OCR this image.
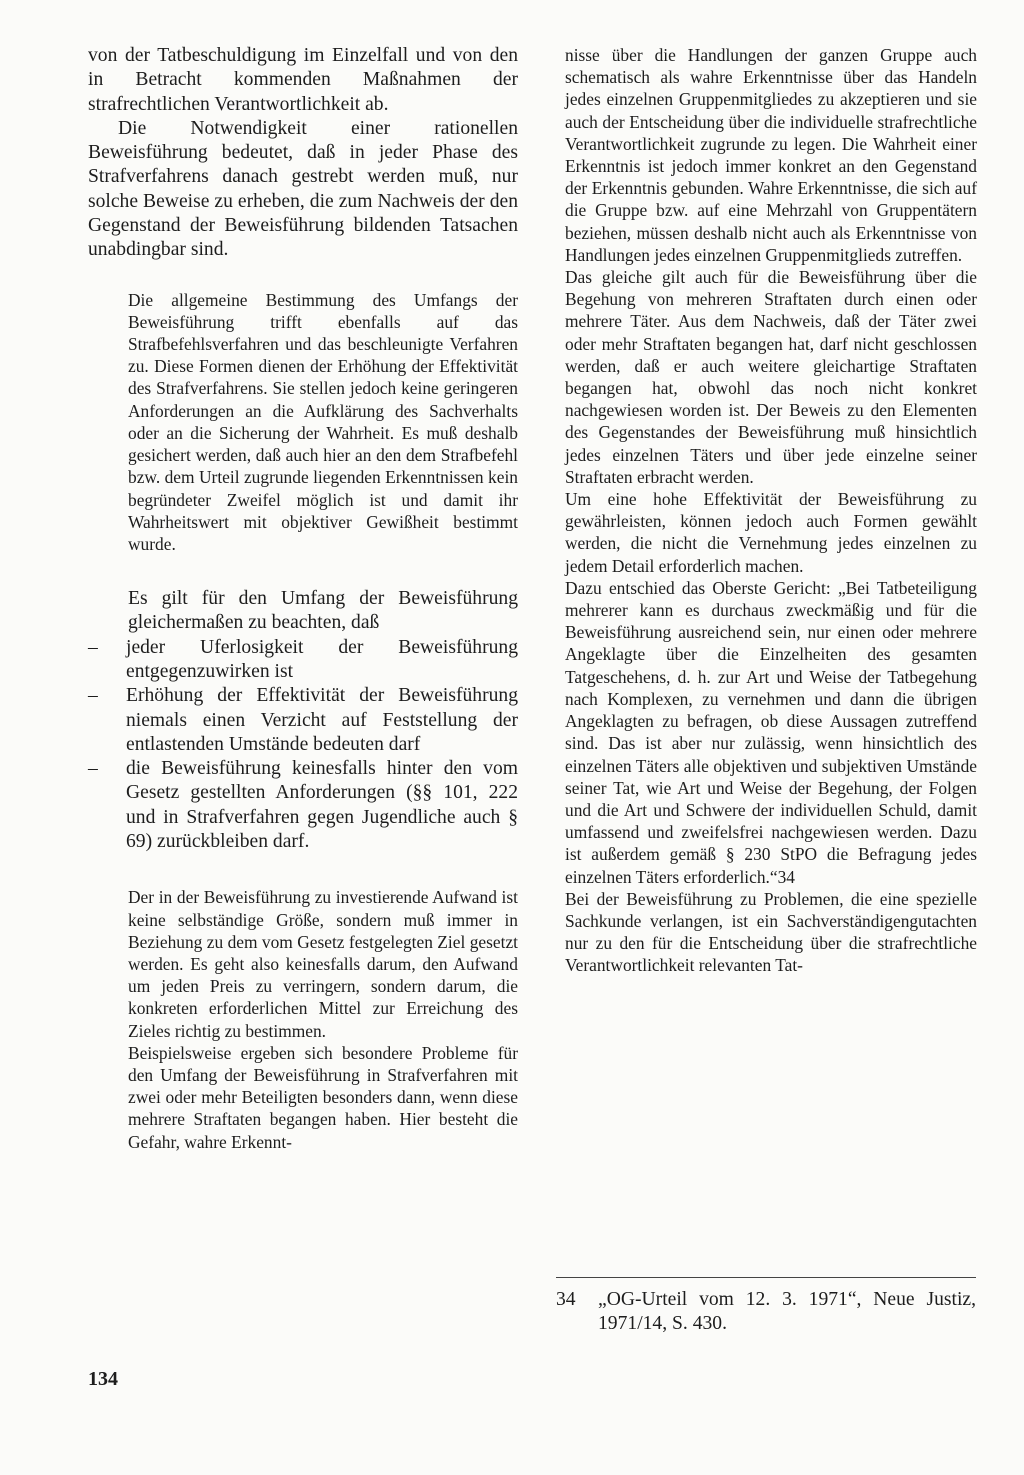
von der Tatbeschuldigung im Einzelfall und von den in Betracht kommenden Maßnahmen der strafrechtlichen Verantwortlichkeit ab.

Die Notwendigkeit einer rationellen Beweisführung bedeutet, daß in jeder Phase des Strafverfahrens danach gestrebt werden muß, nur solche Beweise zu erheben, die zum Nachweis der den Gegenstand der Beweisführung bildenden Tatsachen unabdingbar sind.

Die allgemeine Bestimmung des Umfangs der Beweisführung trifft ebenfalls auf das Strafbefehlsverfahren und das beschleunigte Verfahren zu. Diese Formen dienen der Erhöhung der Effektivität des Strafverfahrens. Sie stellen jedoch keine geringeren Anforderungen an die Aufklärung des Sachverhalts oder an die Sicherung der Wahrheit. Es muß deshalb gesichert werden, daß auch hier an den dem Strafbefehl bzw. dem Urteil zugrunde liegenden Erkenntnissen kein begründeter Zweifel möglich ist und damit ihr Wahrheitswert mit objektiver Gewißheit bestimmt wurde.

Es gilt für den Umfang der Beweisführung gleichermaßen zu beachten, daß

– jeder Uferlosigkeit der Beweisführung entgegenzuwirken ist
– Erhöhung der Effektivität der Beweisführung niemals einen Verzicht auf Feststellung der entlastenden Umstände bedeuten darf
– die Beweisführung keinesfalls hinter den vom Gesetz gestellten Anforderungen (§§ 101, 222 und in Strafverfahren gegen Jugendliche auch § 69) zurückbleiben darf.

Der in der Beweisführung zu investierende Aufwand ist keine selbständige Größe, sondern muß immer in Beziehung zu dem vom Gesetz festgelegten Ziel gesetzt werden. Es geht also keinesfalls darum, den Aufwand um jeden Preis zu verringern, sondern darum, die konkreten erforderlichen Mittel zur Erreichung des Zieles richtig zu bestimmen.

Beispielsweise ergeben sich besondere Probleme für den Umfang der Beweisführung in Strafverfahren mit zwei oder mehr Beteiligten besonders dann, wenn diese mehrere Straftaten begangen haben. Hier besteht die Gefahr, wahre Erkennt-

nisse über die Handlungen der ganzen Gruppe auch schematisch als wahre Erkenntnisse über das Handeln jedes einzelnen Gruppenmitgliedes zu akzeptieren und sie auch der Entscheidung über die individuelle strafrechtliche Verantwortlichkeit zugrunde zu legen. Die Wahrheit einer Erkenntnis ist jedoch immer konkret an den Gegenstand der Erkenntnis gebunden. Wahre Erkenntnisse, die sich auf die Gruppe bzw. auf eine Mehrzahl von Gruppentätern beziehen, müssen deshalb nicht auch als Erkenntnisse von Handlungen jedes einzelnen Gruppenmitglieds zutreffen.

Das gleiche gilt auch für die Beweisführung über die Begehung von mehreren Straftaten durch einen oder mehrere Täter. Aus dem Nachweis, daß der Täter zwei oder mehr Straftaten begangen hat, darf nicht geschlossen werden, daß er auch weitere gleichartige Straftaten begangen hat, obwohl das noch nicht konkret nachgewiesen worden ist. Der Beweis zu den Elementen des Gegenstandes der Beweisführung muß hinsichtlich jedes einzelnen Täters und über jede einzelne seiner Straftaten erbracht werden.

Um eine hohe Effektivität der Beweisführung zu gewährleisten, können jedoch auch Formen gewählt werden, die nicht die Vernehmung jedes einzelnen zu jedem Detail erforderlich machen.

Dazu entschied das Oberste Gericht: „Bei Tatbeteiligung mehrerer kann es durchaus zweckmäßig und für die Beweisführung ausreichend sein, nur einen oder mehrere Angeklagte über die Einzelheiten des gesamten Tatgeschehens, d. h. zur Art und Weise der Tatbegehung nach Komplexen, zu vernehmen und dann die übrigen Angeklagten zu befragen, ob diese Aussagen zutreffend sind. Das ist aber nur zulässig, wenn hinsichtlich des einzelnen Täters alle objektiven und subjektiven Umstände seiner Tat, wie Art und Weise der Begehung, der Folgen und die Art und Schwere der individuellen Schuld, damit umfassend und zweifelsfrei nachgewiesen werden. Dazu ist außerdem gemäß § 230 StPO die Befragung jedes einzelnen Täters erforderlich.“34

Bei der Beweisführung zu Problemen, die eine spezielle Sachkunde verlangen, ist ein Sachverständigengutachten nur zu den für die Entscheidung über die strafrechtliche Verantwortlichkeit relevanten Tat-

34 „OG-Urteil vom 12. 3. 1971“, Neue Justiz, 1971/14, S. 430.
134
